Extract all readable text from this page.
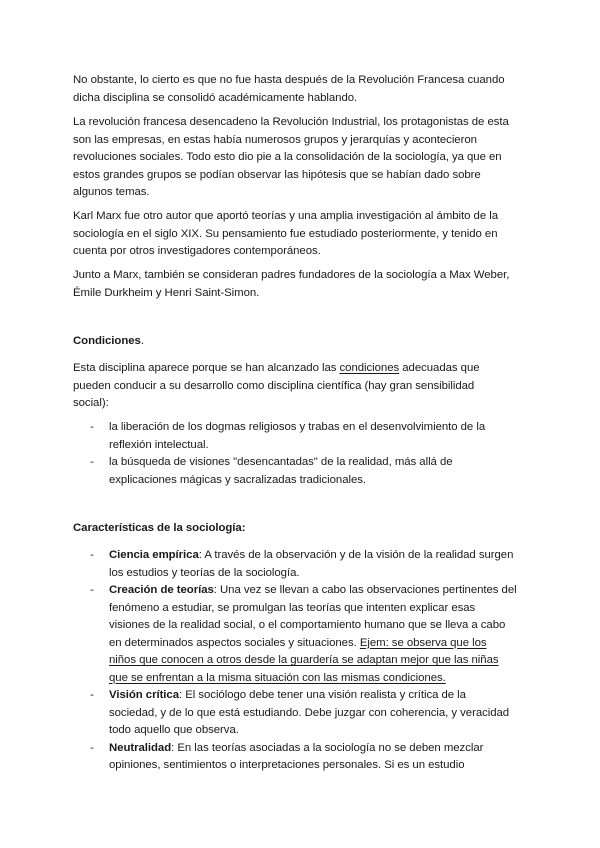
No obstante, lo cierto es que no fue hasta después de la Revolución Francesa cuando
dicha disciplina se consolidó académicamente hablando.

La revolución francesa desencadeno la Revolución Industrial, los protagonistas de esta
son las empresas, en estas había numerosos grupos y jerarquías y acontecieron
revoluciones sociales. Todo esto dio pie a la consolidación de la sociología, ya que en
estos grandes grupos se podían observar las hipótesis que se habían dado sobre
algunos temas.

Karl Marx fue otro autor que aportó teorías y una amplia investigación al ámbito de la
sociología en el siglo XIX. Su pensamiento fue estudiado posteriormente, y tenido en
cuenta por otros investigadores contemporáneos.

Junto a Marx, también se consideran padres fundadores de la sociología a Max Weber,
Émile Durkheim y Henri Saint-Simon.

Condiciones.

Esta disciplina aparece porque se han alcanzado las condiciones adecuadas que
pueden conducir a su desarrollo como disciplina científica (hay gran sensibilidad
social):

- la liberación de los dogmas religiosos y trabas en el desenvolvimiento de la
reflexión intelectual.
- la búsqueda de visiones "desencantadas" de la realidad, más allá de
explicaciones mágicas y sacralizadas tradicionales.

Características de la sociología:

- Ciencia empírica: A través de la observación y de la visión de la realidad surgen
los estudios y teorías de la sociología.
- Creación de teorías: Una vez se llevan a cabo las observaciones pertinentes del
fenómeno a estudiar, se promulgan las teorías que intenten explicar esas
visiones de la realidad social, o el comportamiento humano que se lleva a cabo
en determinados aspectos sociales y situaciones. Ejem: se observa que los
niños que conocen a otros desde la guardería se adaptan mejor que las niñas
que se enfrentan a la misma situación con las mismas condiciones.
- Visión crítica: El sociólogo debe tener una visión realista y crítica de la
sociedad, y de lo que está estudiando. Debe juzgar con coherencia, y veracidad
todo aquello que observa.
- Neutralidad: En las teorías asociadas a la sociología no se deben mezclar
opiniones, sentimientos o interpretaciones personales. Si es un estudio
